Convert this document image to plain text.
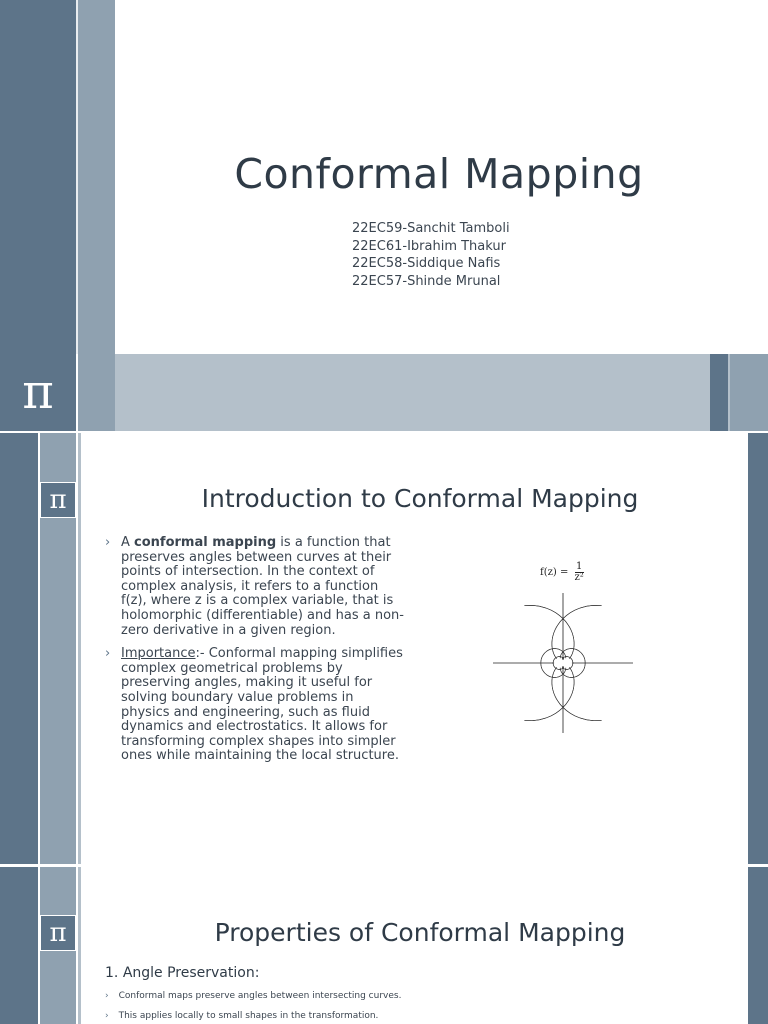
Conformal Mapping
22EC59-Sanchit Tamboli
22EC61-Ibrahim Thakur
22EC58-Siddique Nafis
22EC57-Shinde Mrunal
π
π	Introduction to Conformal Mapping
› A conformal mapping is a function that preserves angles between curves at their points of intersection. In the context of complex analysis, it refers to a function f(z), where z is a complex variable, that is holomorphic (differentiable) and has a non-zero derivative in a given region.
› Importance:- Conformal mapping simplifies complex geometrical problems by preserving angles, making it useful for solving boundary value problems in physics and engineering, such as fluid dynamics and electrostatics. It allows for transforming complex shapes into simpler ones while maintaining the local structure.
$f(z) = \frac{1}{\text{z²}}$
π	Properties of Conformal Mapping
1. Angle Preservation:
› Conformal maps preserve angles between intersecting curves.
› This applies locally to small shapes in the transformation.
